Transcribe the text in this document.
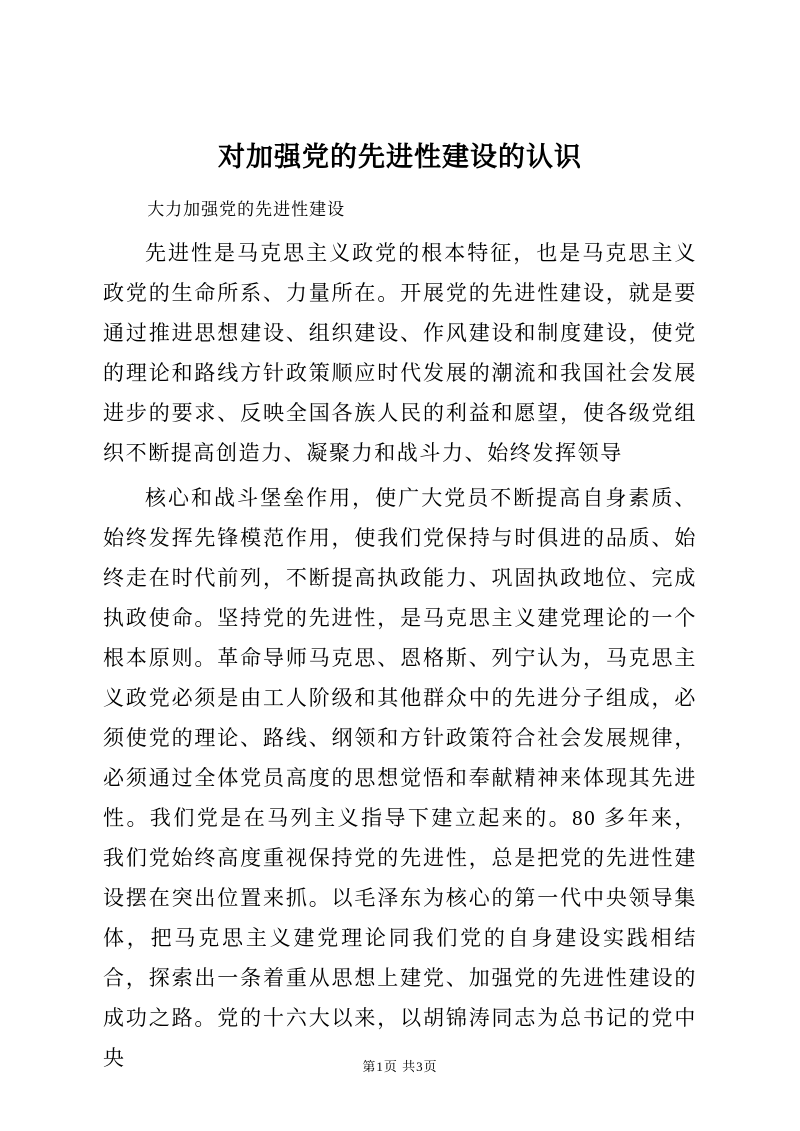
对加强党的先进性建设的认识

大力加强党的先进性建设

先进性是马克思主义政党的根本特征，也是马克思主义政党的生命所系、力量所在。开展党的先进性建设，就是要通过推进思想建设、组织建设、作风建设和制度建设，使党的理论和路线方针政策顺应时代发展的潮流和我国社会发展进步的要求、反映全国各族人民的利益和愿望，使各级党组织不断提高创造力、凝聚力和战斗力、始终发挥领导

核心和战斗堡垒作用，使广大党员不断提高自身素质、始终发挥先锋模范作用，使我们党保持与时俱进的品质、始终走在时代前列，不断提高执政能力、巩固执政地位、完成执政使命。坚持党的先进性，是马克思主义建党理论的一个根本原则。革命导师马克思、恩格斯、列宁认为，马克思主义政党必须是由工人阶级和其他群众中的先进分子组成，必须使党的理论、路线、纲领和方针政策符合社会发展规律，必须通过全体党员高度的思想觉悟和奉献精神来体现其先进性。我们党是在马列主义指导下建立起来的。80 多年来，我们党始终高度重视保持党的先进性，总是把党的先进性建设摆在突出位置来抓。以毛泽东为核心的第一代中央领导集体，把马克思主义建党理论同我们党的自身建设实践相结合，探索出一条着重从思想上建党、加强党的先进性建设的成功之路。党的十六大以来，以胡锦涛同志为总书记的党中央	第1页 共3页
